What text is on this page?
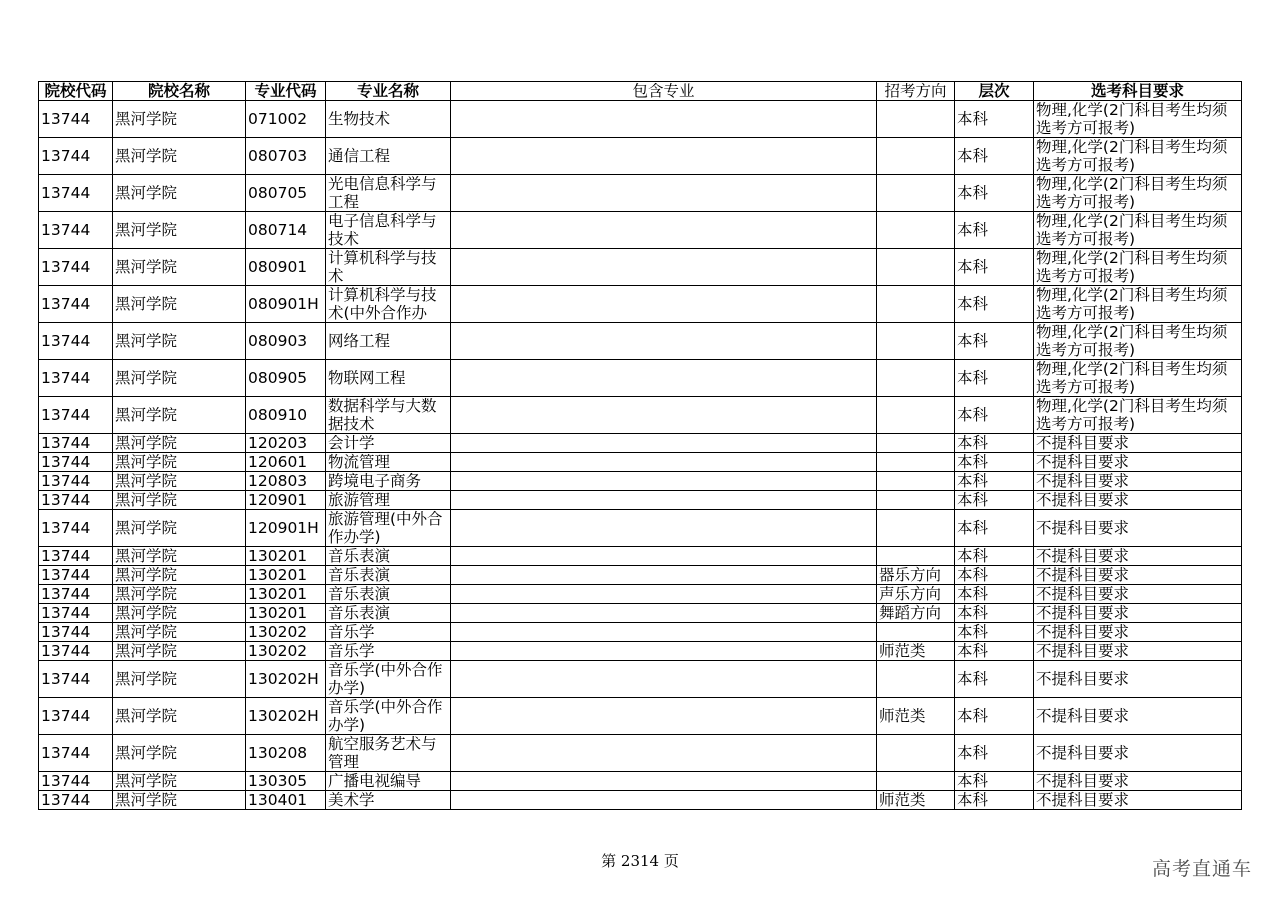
院校代码	院校名称	专业代码	专业名称	包含专业	招考方向	层次	选考科目要求
13744	黑河学院	071002	生物技术			本科	物理,化学(2门科目考生均须选考方可报考)
13744	黑河学院	080703	通信工程			本科	物理,化学(2门科目考生均须选考方可报考)
13744	黑河学院	080705	光电信息科学与工程			本科	物理,化学(2门科目考生均须选考方可报考)
13744	黑河学院	080714	电子信息科学与技术			本科	物理,化学(2门科目考生均须选考方可报考)
13744	黑河学院	080901	计算机科学与技术			本科	物理,化学(2门科目考生均须选考方可报考)
13744	黑河学院	080901H	计算机科学与技术(中外合作办			本科	物理,化学(2门科目考生均须选考方可报考)
13744	黑河学院	080903	网络工程			本科	物理,化学(2门科目考生均须选考方可报考)
13744	黑河学院	080905	物联网工程			本科	物理,化学(2门科目考生均须选考方可报考)
13744	黑河学院	080910	数据科学与大数据技术			本科	物理,化学(2门科目考生均须选考方可报考)
13744	黑河学院	120203	会计学			本科	不提科目要求
13744	黑河学院	120601	物流管理			本科	不提科目要求
13744	黑河学院	120803	跨境电子商务			本科	不提科目要求
13744	黑河学院	120901	旅游管理			本科	不提科目要求
13744	黑河学院	120901H	旅游管理(中外合作办学)			本科	不提科目要求
13744	黑河学院	130201	音乐表演			本科	不提科目要求
13744	黑河学院	130201	音乐表演		器乐方向	本科	不提科目要求
13744	黑河学院	130201	音乐表演		声乐方向	本科	不提科目要求
13744	黑河学院	130201	音乐表演		舞蹈方向	本科	不提科目要求
13744	黑河学院	130202	音乐学			本科	不提科目要求
13744	黑河学院	130202	音乐学		师范类	本科	不提科目要求
13744	黑河学院	130202H	音乐学(中外合作办学)			本科	不提科目要求
13744	黑河学院	130202H	音乐学(中外合作办学)		师范类	本科	不提科目要求
13744	黑河学院	130208	航空服务艺术与管理			本科	不提科目要求
13744	黑河学院	130305	广播电视编导			本科	不提科目要求
13744	黑河学院	130401	美术学		师范类	本科	不提科目要求
第 2314 页	高考直通车
